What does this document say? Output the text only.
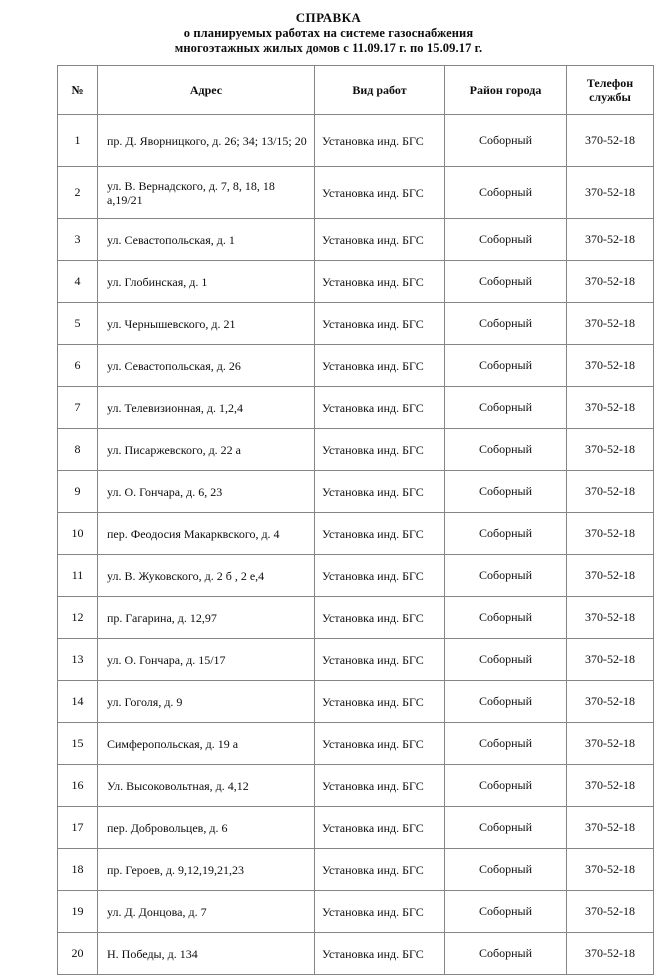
СПРАВКА
о планируемых работах на системе газоснабжения
многоэтажных жилых домов с 11.09.17 г. по 15.09.17 г.
№	Адрес	Вид работ	Район города	Телефон службы
1	пр. Д. Яворницкого, д. 26; 34; 13/15; 20	Установка инд. БГС	Соборный	370-52-18
2	ул. В. Вернадского, д. 7, 8, 18, 18 а,19/21	Установка инд. БГС	Соборный	370-52-18
3	ул. Севастопольская, д. 1	Установка инд. БГС	Соборный	370-52-18
4	ул. Глобинская, д. 1	Установка инд. БГС	Соборный	370-52-18
5	ул. Чернышевского, д. 21	Установка инд. БГС	Соборный	370-52-18
6	ул. Севастопольская, д. 26	Установка инд. БГС	Соборный	370-52-18
7	ул. Телевизионная, д. 1,2,4	Установка инд. БГС	Соборный	370-52-18
8	ул. Писаржевского, д. 22 а	Установка инд. БГС	Соборный	370-52-18
9	ул. О. Гончара, д. 6, 23	Установка инд. БГС	Соборный	370-52-18
10	пер. Феодосия Макарквского, д. 4	Установка инд. БГС	Соборный	370-52-18
11	ул. В. Жуковского, д. 2 б , 2 е,4	Установка инд. БГС	Соборный	370-52-18
12	пр. Гагарина, д. 12,97	Установка инд. БГС	Соборный	370-52-18
13	ул. О. Гончара, д. 15/17	Установка инд. БГС	Соборный	370-52-18
14	ул. Гоголя, д. 9	Установка инд. БГС	Соборный	370-52-18
15	Симферопольская, д. 19 а	Установка инд. БГС	Соборный	370-52-18
16	Ул. Высоковольтная, д. 4,12	Установка инд. БГС	Соборный	370-52-18
17	пер. Добровольцев, д. 6	Установка инд. БГС	Соборный	370-52-18
18	пр. Героев, д. 9,12,19,21,23	Установка инд. БГС	Соборный	370-52-18
19	ул. Д. Донцова, д. 7	Установка инд. БГС	Соборный	370-52-18
20	Н. Победы, д. 134	Установка инд. БГС	Соборный	370-52-18
